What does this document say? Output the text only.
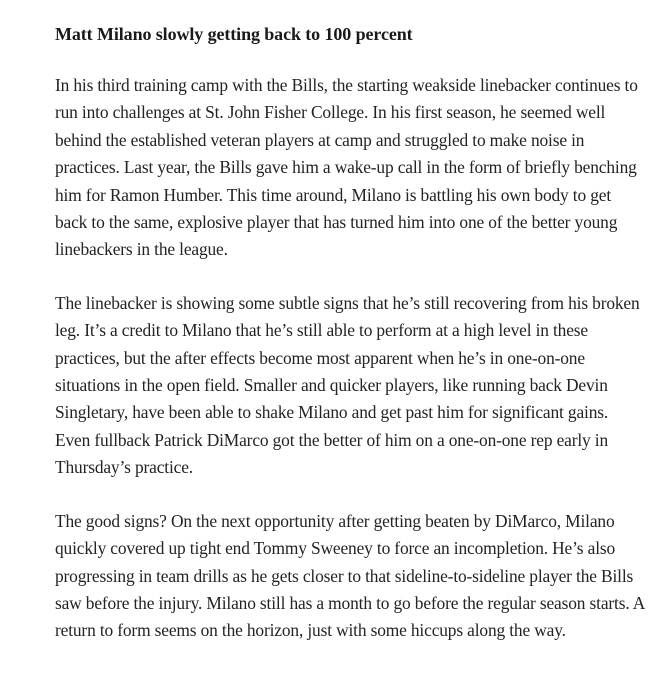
Matt Milano slowly getting back to 100 percent

In his third training camp with the Bills, the starting weakside linebacker continues to run into challenges at St. John Fisher College. In his first season, he seemed well behind the established veteran players at camp and struggled to make noise in practices. Last year, the Bills gave him a wake-up call in the form of briefly benching him for Ramon Humber. This time around, Milano is battling his own body to get back to the same, explosive player that has turned him into one of the better young linebackers in the league.

The linebacker is showing some subtle signs that he’s still recovering from his broken leg. It’s a credit to Milano that he’s still able to perform at a high level in these practices, but the after effects become most apparent when he’s in one-on-one situations in the open field. Smaller and quicker players, like running back Devin Singletary, have been able to shake Milano and get past him for significant gains. Even fullback Patrick DiMarco got the better of him on a one-on-one rep early in Thursday’s practice.

The good signs? On the next opportunity after getting beaten by DiMarco, Milano quickly covered up tight end Tommy Sweeney to force an incompletion. He’s also progressing in team drills as he gets closer to that sideline-to-sideline player the Bills saw before the injury. Milano still has a month to go before the regular season starts. A return to form seems on the horizon, just with some hiccups along the way.
